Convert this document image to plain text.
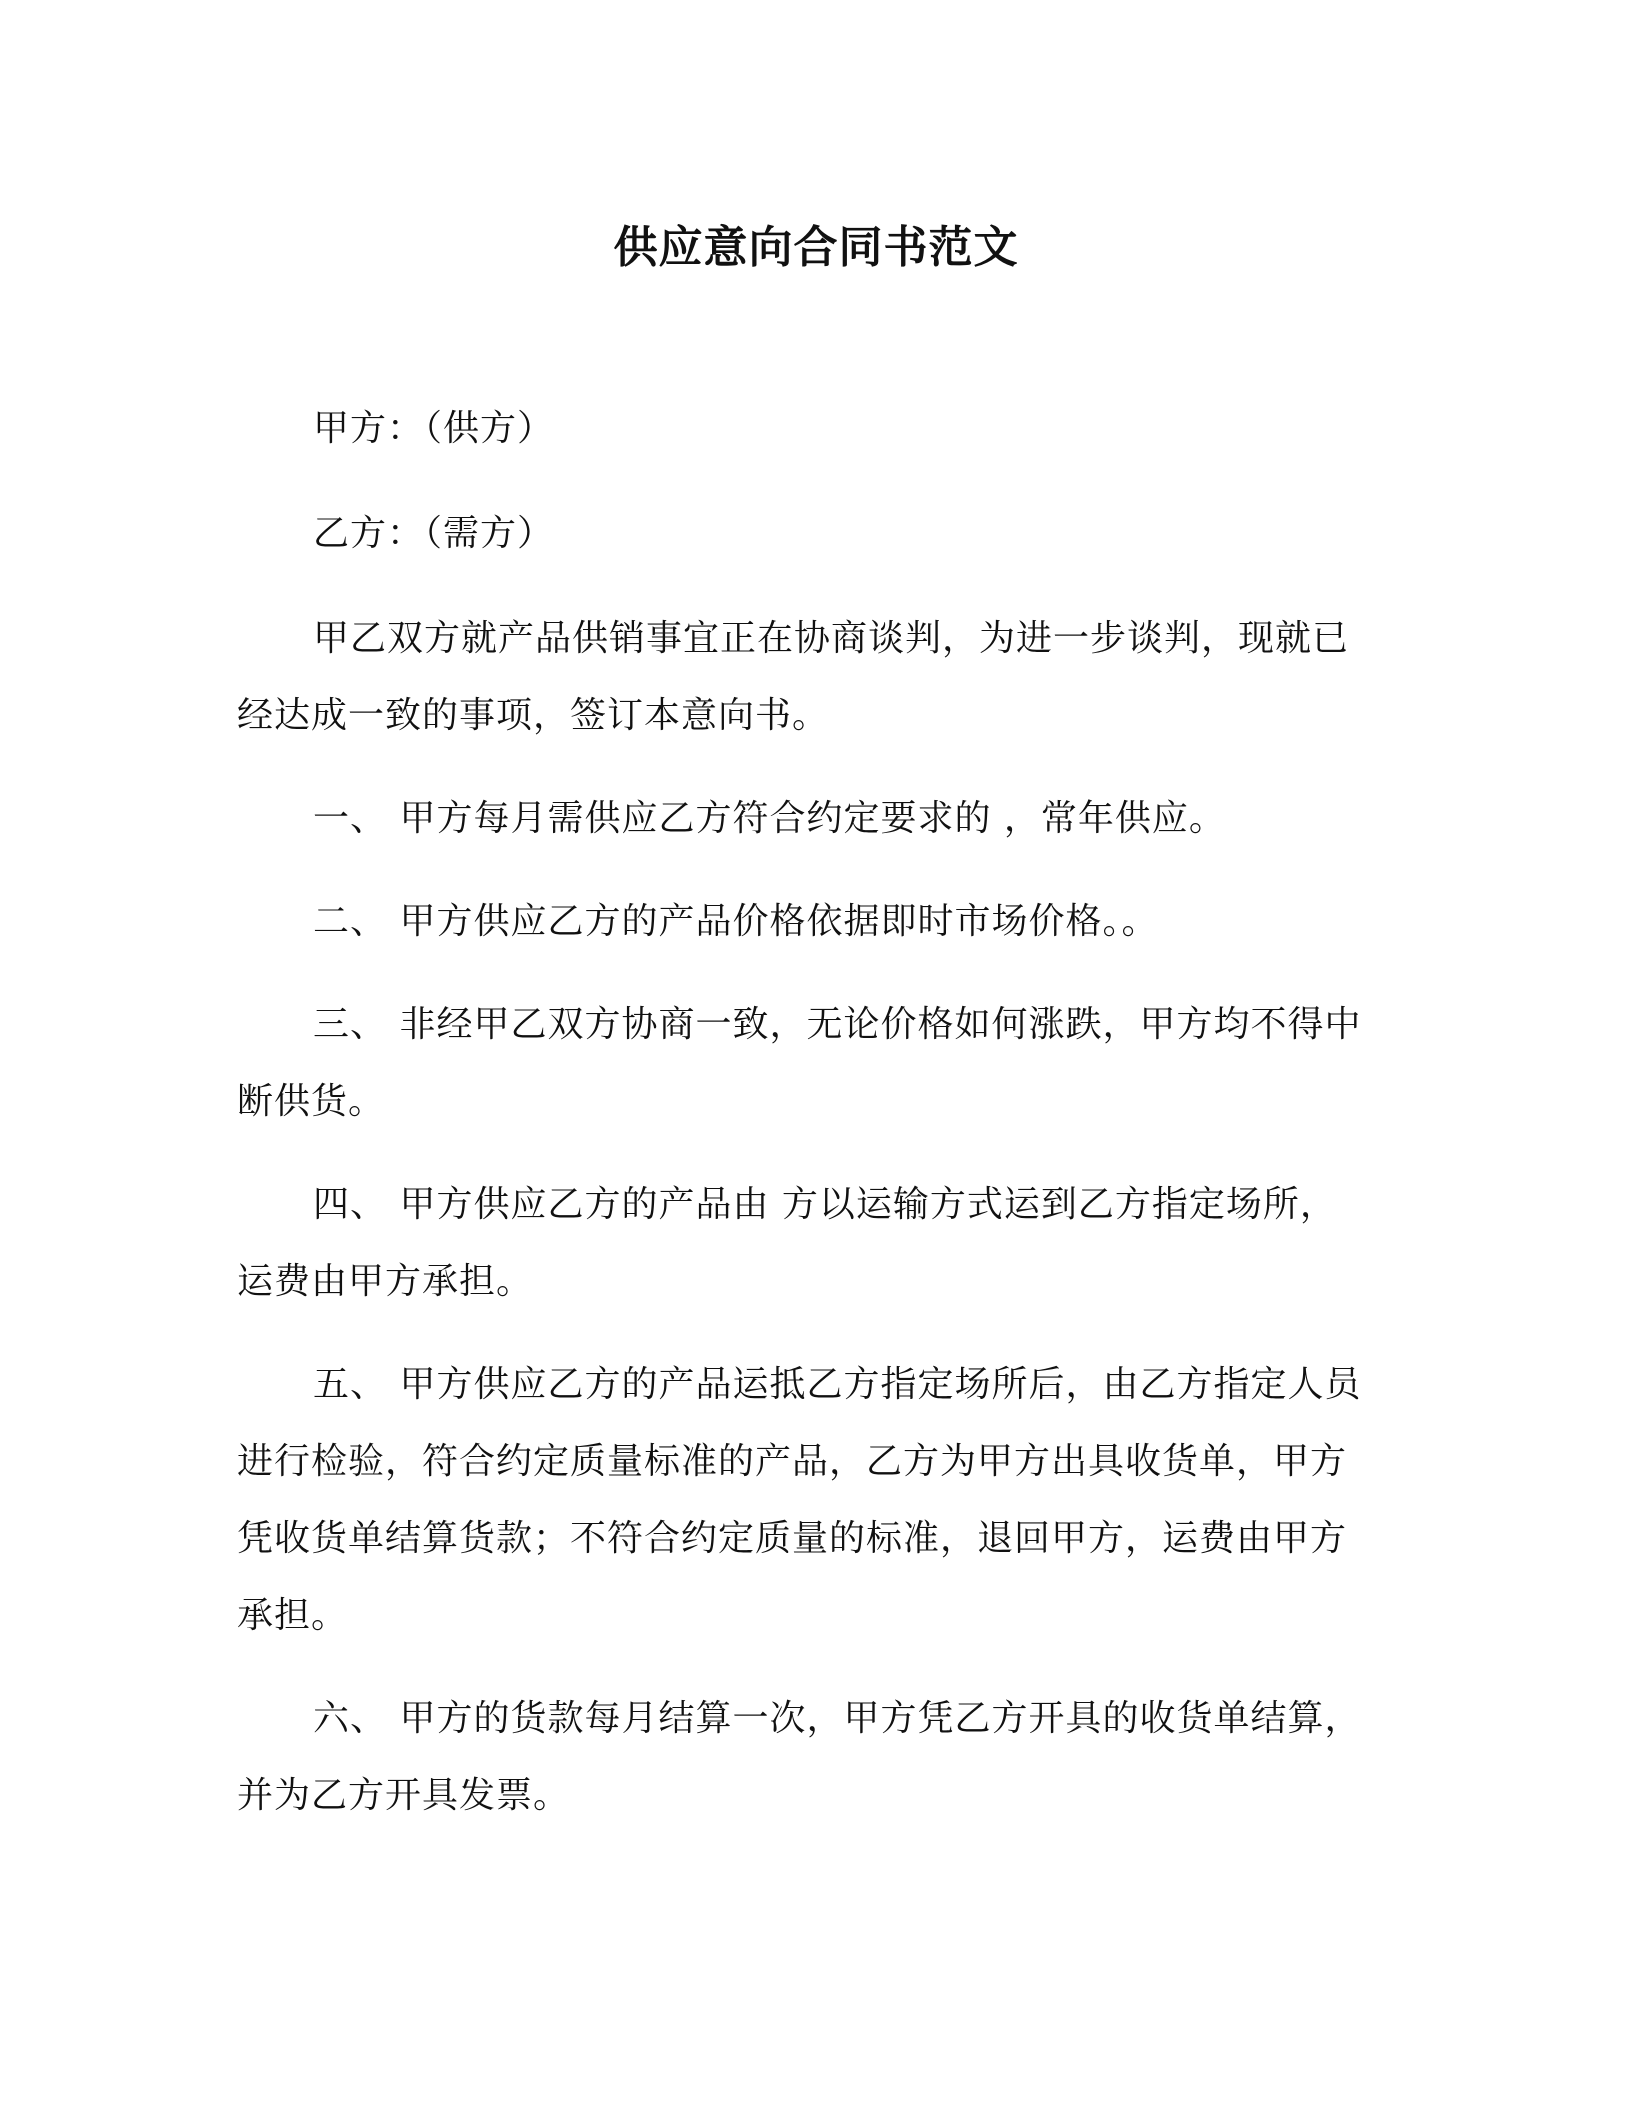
供应意向合同书范文

甲方：（供方）

乙方：（需方）

甲乙双方就产品供销事宜正在协商谈判，为进一步谈判，现就已经达成一致的事项，签订本意向书。

一、 甲方每月需供应乙方符合约定要求的 ，常年供应。

二、 甲方供应乙方的产品价格依据即时市场价格。。

三、 非经甲乙双方协商一致，无论价格如何涨跌，甲方均不得中断供货。

四、 甲方供应乙方的产品由 方以运输方式运到乙方指定场所，运费由甲方承担。

五、 甲方供应乙方的产品运抵乙方指定场所后，由乙方指定人员进行检验，符合约定质量标准的产品，乙方为甲方出具收货单，甲方凭收货单结算货款；不符合约定质量的标准，退回甲方，运费由甲方承担。

六、 甲方的货款每月结算一次，甲方凭乙方开具的收货单结算，并为乙方开具发票。
